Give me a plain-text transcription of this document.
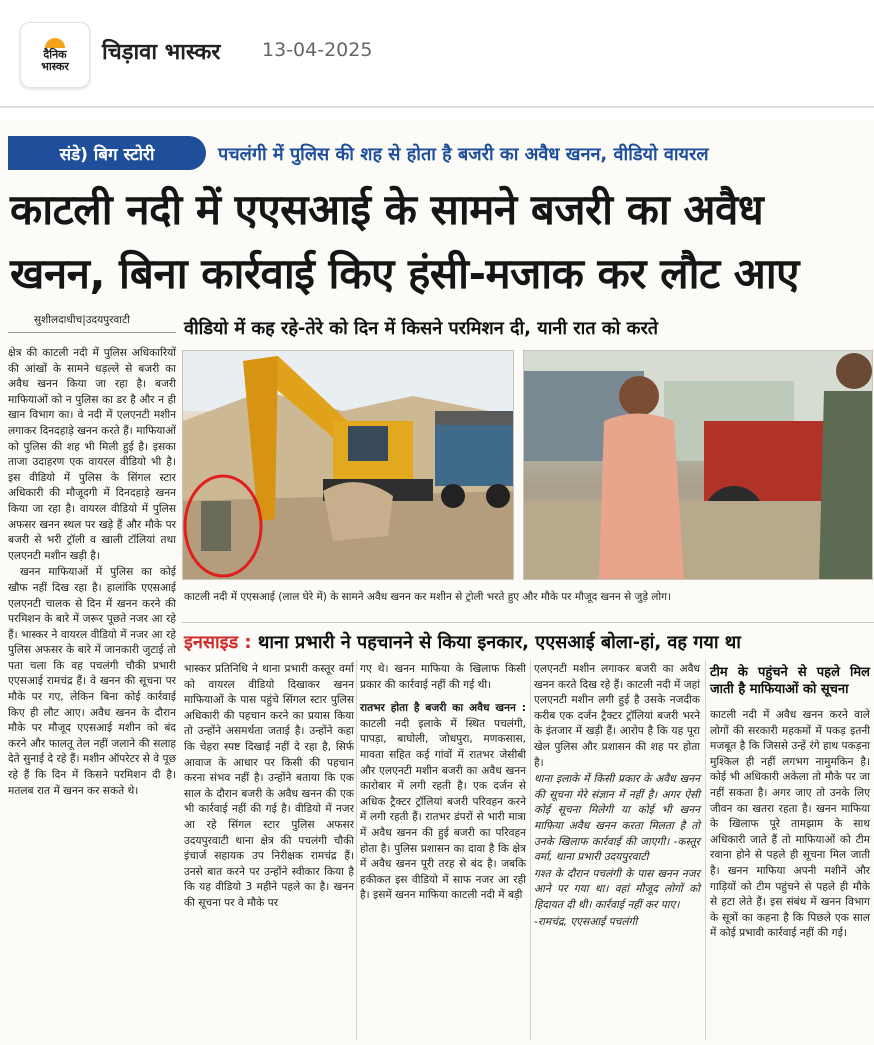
दैनिक
भास्कर
चिड़ावा भास्कर 13-04-2025
संडे) बिग स्टोरी	पचलंगी में पुलिस की शह से होता है बजरी का अवैध खनन, वीडियो वायरल
काटली नदी में एएसआई के सामने बजरी का अवैध
खनन, बिना कार्रवाई किए हंसी-मजाक कर लौट आए
सुशीलदाधीच|उदयपुरवाटी	वीडियो में कह रहे-तेरे को दिन में किसने परमिशन दी, यानी रात को करते

क्षेत्र की काटली नदी में पुलिस अधिकारियों की आंखों के सामने धड़ल्ले से बजरी का अवैध खनन किया जा रहा है। बजरी माफियाओं को न पुलिस का डर है और न ही खान विभाग का। वे नदी में एलएनटी मशीन लगाकर दिनदहाड़े खनन करते हैं। माफियाओं को पुलिस की शह भी मिली हुई है। इसका ताजा उदाहरण एक वायरल वीडियो भी है। इस वीडियो में पुलिस के सिंगल स्टार अधिकारी की मौजूदगी में दिनदहाड़े खनन किया जा रहा है। वायरल वीडियो में पुलिस अफसर खनन स्थल पर खड़े हैं और मौके पर बजरी से भरी ट्रॉली व खाली टॉलियां तथा एलएनटी मशीन खड़ी है।

खनन माफियाओं में पुलिस का कोई खौफ नहीं दिख रहा है। हालांकि एएसआई एलएनटी चालक से दिन में खनन करने की परमिशन के बारे में जरूर पूछते नजर आ रहे हैं। भास्कर ने वायरल वीडियो में नजर आ रहे पुलिस अफसर के बारे में जानकारी जुटाई तो पता चला कि वह पचलंगी चौकी प्रभारी एएसआई रामचंद्र हैं। वे खनन की सूचना पर मौके पर गए, लेकिन बिना कोई कार्रवाई किए ही लौट आए। अवैध खनन के दौरान मौके पर मौजूद एएसआई मशीन को बंद करने और फालतू तेल नहीं जलाने की सलाह देते सुनाई दे रहे हैं। मशीन ऑपरेटर से वे पूछ रहे हैं कि दिन में किसने परमिशन दी है। मतलब रात में खनन कर सकते थे।

काटली नदी में एएसआई (लाल घेरे में) के सामने अवैध खनन कर मशीन से ट्रोली भरते हुए और मौके पर मौजूद खनन से जुड़े लोग।
इनसाइड : थाना प्रभारी ने पहचानने से किया इनकार, एएसआई बोला-हां, वह गया था

भास्कर प्रतिनिधि ने थाना प्रभारी कस्तूर वर्मा को वायरल वीडियो दिखाकर खनन माफियाओं के पास पहुंचे सिंगल स्टार पुलिस अधिकारी की पहचान करने का प्रयास किया तो उन्होंने असमर्थता जताई है। उन्होंने कहा कि चेहरा स्पष्ट दिखाई नहीं दे रहा है, सिर्फ आवाज के आधार पर किसी की पहचान करना संभव नहीं है। उन्होंने बताया कि एक साल के दौरान बजरी के अवैध खनन की एक भी कार्रवाई नहीं की गई है। वीडियो में नजर आ रहे सिंगल स्टार पुलिस अफसर उदयपुरवाटी थाना क्षेत्र की पचलंगी चौकी इंचार्ज सहायक उप निरीक्षक रामचंद्र हैं। उनसे बात करने पर उन्होंने स्वीकार किया है कि यह वीडियो 3 महीने पहले का है। खनन की सूचना पर वे मौके पर

गए थे। खनन माफिया के खिलाफ किसी प्रकार की कार्रवाई नहीं की गई थी।

रातभर होता है बजरी का अवैध खनन : काटली नदी इलाके में स्थित पचलंगी, पापड़ा, बाघोली, जोधपुरा, मणकसास, मावता सहित कई गांवों में रातभर जेसीबी और एलएनटी मशीन बजरी का अवैध खनन कारोबार में लगी रहती है। एक दर्जन से अधिक ट्रैक्टर ट्रॉलियां बजरी परिवहन करने में लगी रहती हैं। रातभर डंपरों से भारी मात्रा में अवैध खनन की हुई बजरी का परिवहन होता है। पुलिस प्रशासन का दावा है कि क्षेत्र में अवैध खनन पूरी तरह से बंद है। जबकि हकीकत इस वीडियो में साफ नजर आ रही है। इसमें खनन माफिया काटली नदी में बड़ी

एलएनटी मशीन लगाकर बजरी का अवैध खनन करते दिख रहे हैं। काटली नदी में जहां एलएनटी मशीन लगी हुई है उसके नजदीक करीब एक दर्जन ट्रैक्टर ट्रॉलियां बजरी भरने के इंतजार में खड़ी हैं। आरोप है कि यह पूरा खेल पुलिस और प्रशासन की शह पर होता है।

थाना इलाके में किसी प्रकार के अवैध खनन की सूचना मेरे संज्ञान में नहीं है। अगर ऐसी कोई सूचना मिलेगी या कोई भी खनन माफिया अवैध खनन करता मिलता है तो उनके खिलाफ कार्रवाई की जाएगी। -कस्तूर वर्मा, थाना प्रभारी उदयपुरवाटी

गश्त के दौरान पचलंगी के पास खनन नजर आने पर गया था। वहां मौजूद लोगों को हिदायत दी थी। कार्रवाई नहीं कर पाए।

-रामचंद्र, एएसआई पचलंगी

टीम के पहुंचने से पहले मिल जाती है माफियाओं को सूचना

काटली नदी में अवैध खनन करने वाले लोगों की सरकारी महकमों में पकड़ इतनी मजबूत है कि जिससे उन्हें रंगे हाथ पकड़ना मुश्किल ही नहीं लगभग नामुमकिन है। कोई भी अधिकारी अकेला तो मौके पर जा नहीं सकता है। अगर जाए तो उनके लिए जीवन का खतरा रहता है। खनन माफिया के खिलाफ पूरे तामझाम के साथ अधिकारी जाते हैं तो माफियाओं को टीम रवाना होने से पहले ही सूचना मिल जाती है। खनन माफिया अपनी मशीनें और गाड़ियों को टीम पहुंचने से पहले ही मौके से हटा लेते हैं। इस संबंध में खनन विभाग के सूत्रों का कहना है कि पिछले एक साल में कोई प्रभावी कार्रवाई नहीं की गई।
